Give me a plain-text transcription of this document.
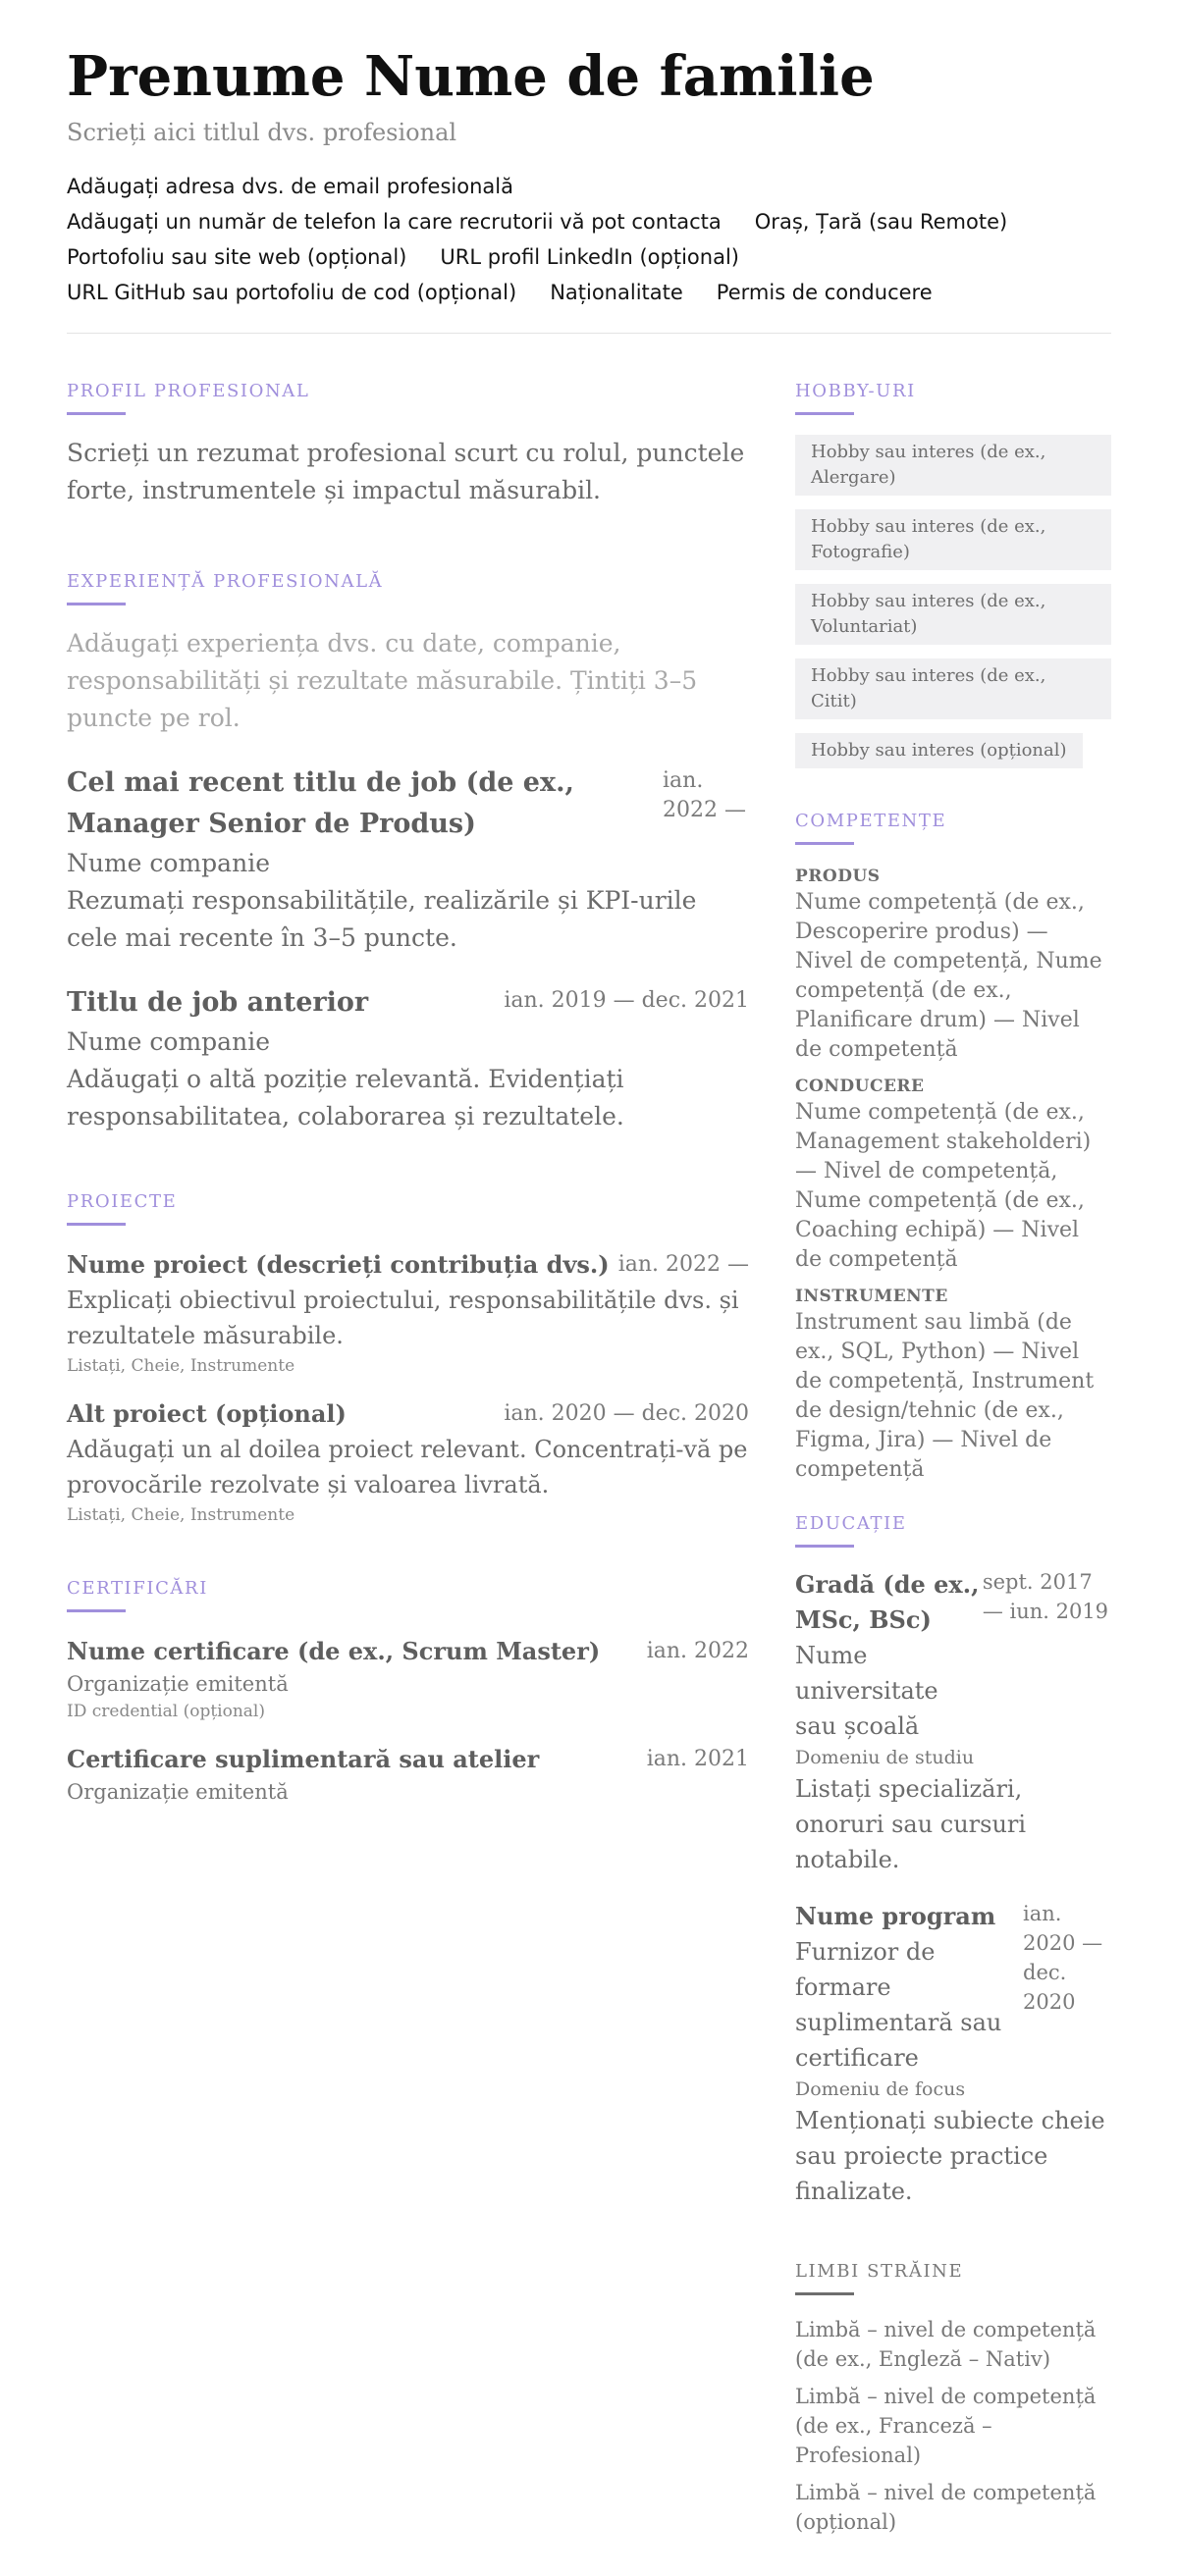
Prenume Nume de familie
Scrieți aici titlul dvs. profesional
Adăugați adresa dvs. de email profesională
Adăugați un număr de telefon la care recrutorii vă pot contacta Oraș, Țară (sau Remote)
Portofoliu sau site web (opțional) URL profil LinkedIn (opțional)
URL GitHub sau portofoliu de cod (opțional) Naționalitate Permis de conducere
PROFIL PROFESIONAL

Scrieți un rezumat profesional scurt cu rolul, punctele forte, instrumentele și impactul măsurabil.

EXPERIENȚĂ PROFESIONALĂ

Adăugați experiența dvs. cu date, companie, responsabilități și rezultate măsurabile. Țintiți 3–5 puncte pe rol.

Cel mai recent titlu de job (de ex., Manager Senior de Produs)
ian. 2022 —
Nume companie

Rezumați responsabilitățile, realizările și KPI-urile cele mai recente în 3–5 puncte.

Titlu de job anterior	ian. 2019 — dec. 2021
Nume companie

Adăugați o altă poziție relevantă. Evidențiați responsabilitatea, colaborarea și rezultatele.

PROIECTE
Nume proiect (descrieți contribuția dvs.) ian. 2022 —

Explicați obiectivul proiectului, responsabilitățile dvs. și rezultatele măsurabile.

Listați, Cheie, Instrumente

Alt proiect (opțional)	ian. 2020 — dec. 2020

Adăugați un al doilea proiect relevant. Concentrați-vă pe provocările rezolvate și valoarea livrată.

Listați, Cheie, Instrumente

CERTIFICĂRI
Nume certificare (de ex., Scrum Master) ian. 2022

Organizație emitentă

ID credential (opțional)

Certificare suplimentară sau atelier	ian. 2021

Organizație emitentă

HOBBY-URI
Hobby sau interes (de ex., Alergare)
Hobby sau interes (de ex., Fotografie)
Hobby sau interes (de ex., Voluntariat)
Hobby sau interes (de ex., Citit)
Hobby sau interes (opțional)
COMPETENȚE
PRODUS

Nume competență (de ex., Descoperire produs) — Nivel de competență, Nume competență (de ex., Planificare drum) — Nivel de competență

CONDUCERE

Nume competență (de ex., Management stakeholderi) — Nivel de competență, Nume competență (de ex., Coaching echipă) — Nivel de competență

INSTRUMENTE

Instrument sau limbă (de ex., SQL, Python) — Nivel de competență, Instrument de design/tehnic (de ex., Figma, Jira) — Nivel de competență

EDUCAȚIE
Gradă (de ex., MSc, BSc)
Nume universitate sau școală
Domeniu de studiu
sept. 2017 — iun. 2019

Listați specializări, onoruri sau cursuri notabile.

Nume program
Furnizor de formare suplimentară sau certificare
ian. 2020 — dec. 2020
Domeniu de focus

Menționați subiecte cheie sau proiecte practice finalizate.

LIMBI STRĂINE

Limbă – nivel de competență (de ex., Engleză – Nativ)

Limbă – nivel de competență (de ex., Franceză – Profesional)

Limbă – nivel de competență (opțional)
